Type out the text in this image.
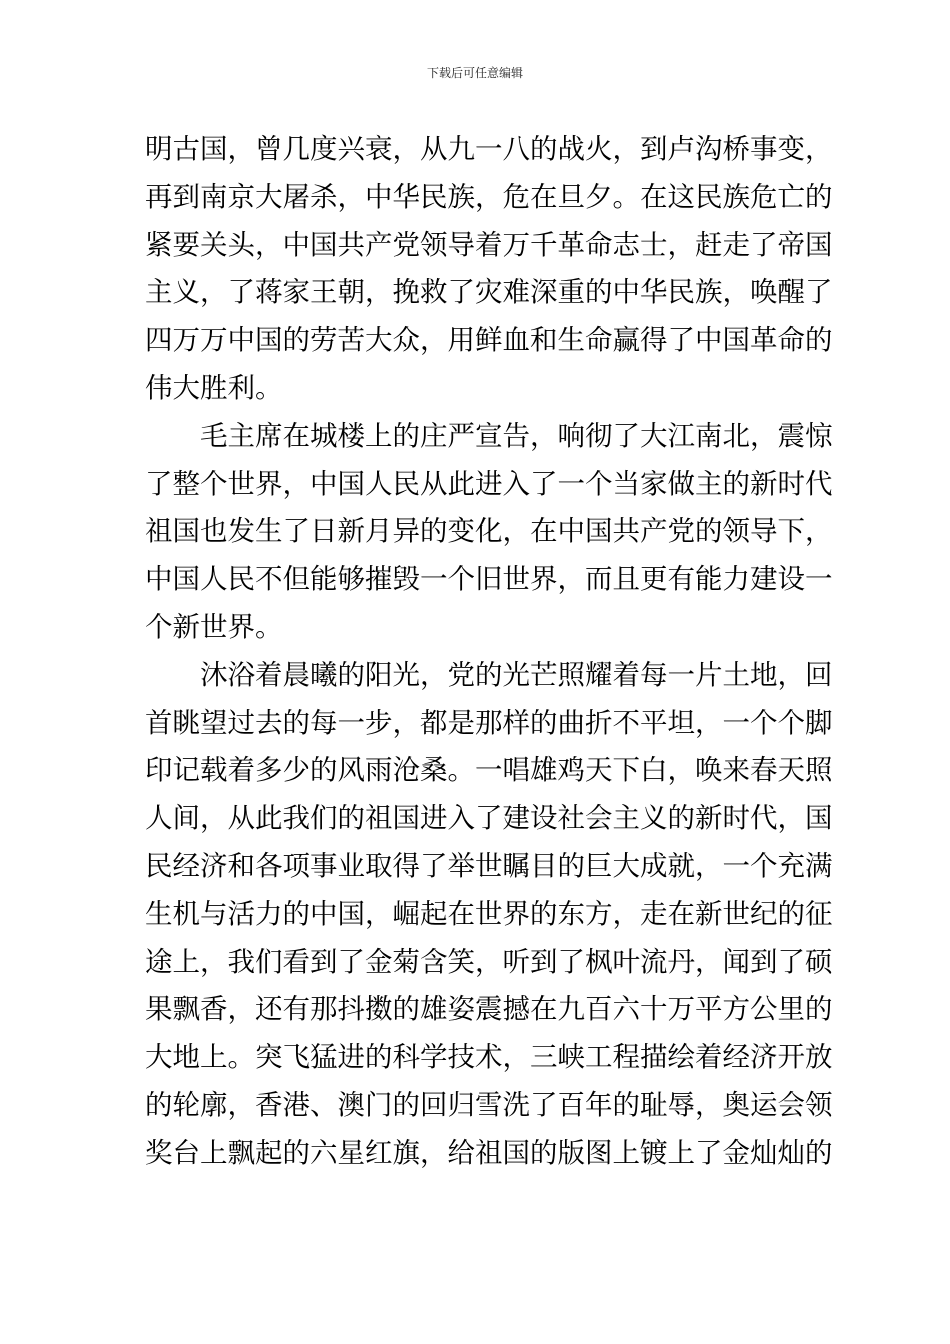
下载后可任意编辑
明古国，曾几度兴衰，从九一八的战火，到卢沟桥事变，
再到南京大屠杀，中华民族，危在旦夕。在这民族危亡的
紧要关头，中国共产党领导着万千革命志士，赶走了帝国
主义，了蒋家王朝，挽救了灾难深重的中华民族，唤醒了
四万万中国的劳苦大众，用鲜血和生命赢得了中国革命的
伟大胜利。
毛主席在城楼上的庄严宣告，响彻了大江南北，震惊
了整个世界，中国人民从此进入了一个当家做主的新时代
祖国也发生了日新月异的变化，在中国共产党的领导下，
中国人民不但能够摧毁一个旧世界，而且更有能力建设一
个新世界。
沐浴着晨曦的阳光，党的光芒照耀着每一片土地，回
首眺望过去的每一步，都是那样的曲折不平坦，一个个脚
印记载着多少的风雨沧桑。一唱雄鸡天下白，唤来春天照
人间，从此我们的祖国进入了建设社会主义的新时代，国
民经济和各项事业取得了举世瞩目的巨大成就，一个充满
生机与活力的中国，崛起在世界的东方，走在新世纪的征
途上，我们看到了金菊含笑，听到了枫叶流丹，闻到了硕
果飘香，还有那抖擞的雄姿震撼在九百六十万平方公里的
大地上。突飞猛进的科学技术，三峡工程描绘着经济开放
的轮廓，香港、澳门的回归雪洗了百年的耻辱，奥运会领
奖台上飘起的六星红旗，给祖国的版图上镀上了金灿灿的
